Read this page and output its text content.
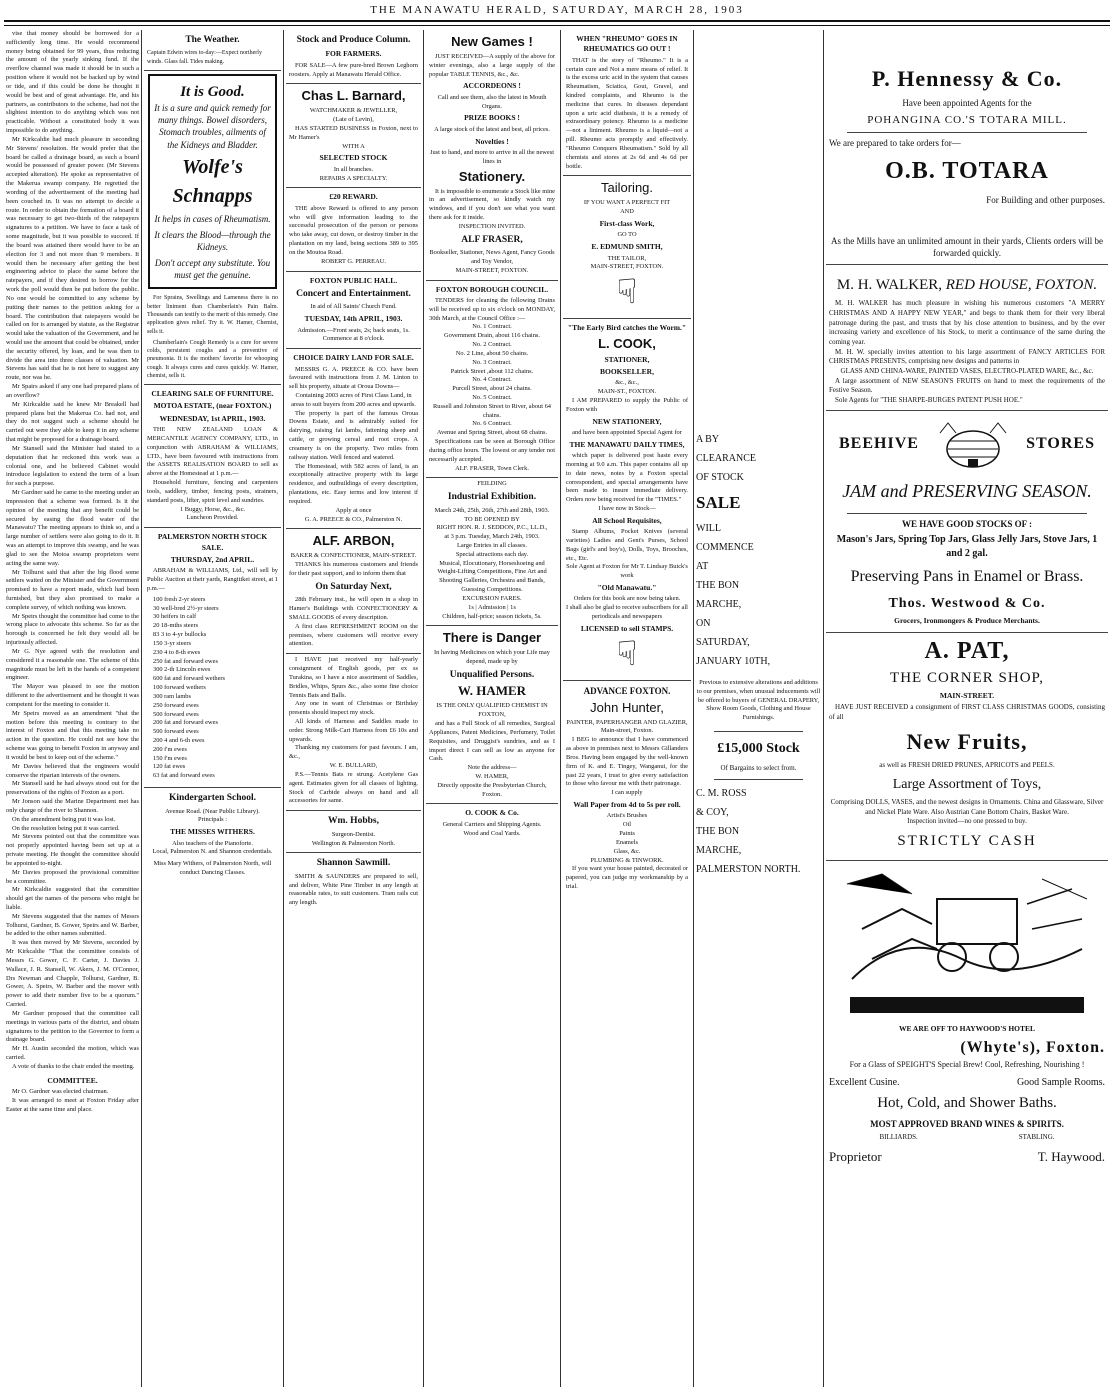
THE MANAWATU HERALD, SATURDAY, MARCH 28, 1903

vise that money should be borrowed for a sufficiently long time. He would recommend money being obtained for 99 years, thus reducing the amount of the yearly sinking fund. If the overflow channel was made it should be in such a position where it would not be backed up by wind or tide, and if this could be done he thought it would be best and of great advantage. He, and his partners, as contributors to the scheme, had not the slightest intention to do anything which was not practicable. Without a constituted body it was impossible to do anything.

Mr Kirkcaldie had much pleasure in seconding Mr Stevens' resolution. He would prefer that the board be called a drainage board, as such a board would be possessed of greater power. (Mr Stevens accepted alteration). He spoke as representative of the Makerua swamp company. He regretted the wording of the advertisement of the meeting had been couched in. It was no attempt to decide a route. In order to obtain the formation of a board it was necessary to get two-thirds of the ratepayers signatures to a petition. We have to face a task of some magnitude, but it was possible to succeed. If the board was attained there would have to be an election for 3 and not more than 9 members. It would then be necessary after getting the best engineering advice to place the same before the ratepayers, and if they desired to borrow for the work the poll would then be put before the public. No one would be committed to any scheme by putting their names to the petition asking for a board. The contribution that ratepayers would be called on for is arranged by statute, as the Registrar would take the valuation of the Government, and he would use the amount that could be obtained, under the security offered, by loan, and he was then to divide the area into three classes of valuation. Mr Stevens has said that he is not here to suggest any route, nor was he.

Mr Spairs asked if any one had prepared plans of an overflow?

Mr Kirkcaldie said he knew Mr Breakell had prepared plans but the Makerua Co. had not, and they do not suggest such a scheme should be carried out were they able to keep it in any scheme that might be proposed for a drainage board.

Mr Stansell said the Minister had stated to a deputation that he reckoned this work was a colonial one, and he believed Cabinet would introduce legislation to extend the term of a loan for such a purpose.

Mr Gardner said he came to the meeting under an impression that a scheme was formed. Is it the opinion of the meeting that any benefit could be secured by easing the flood water of the Manawatu? The meeting appears to think so, and a large number of settlers were also going to do it. It was an attempt to improve this swamp, and he was glad to see the Motoa swamp proprietors were acting the same way.

Mr Tolhurst said that after the big flood some settlers waited on the Minister and the Government promised to have a report made, which had been furnished, but they also promised to make a complete survey, of which nothing was known.

Mr Speirs thought the committee had come to the wrong place to advocate this scheme. So far as the borough is concerned he felt they would all be injuriously affected.

Mr G. Nye agreed with the resolution and considered it a reasonable one. The scheme of this magnitude must be left in the hands of a competent engineer.

The Mayor was pleased to see the motion different to the advertisement and he thought it was competent for the meeting to consider it.

Mr Speirs moved as an amendment "that the motion before this meeting is contrary to the interest of Foxton and that this meeting take no action in the question. He could not see how the scheme was going to benefit Foxton in anyway and it would be best to keep out of the scheme."

Mr Davies believed that the engineers would conserve the riparian interests of the owners.

Mr Stansell said he had always stood out for the preservations of the rights of Foxton as a port.

Mr Jonson said the Marine Department met has only charge of the river to Shannon.

On the amendment being put it was lost.

On the resolution being put it was carried.

Mr Stevens pointed out that the committee was not properly appointed having been set up at a private meeting. He thought the committee should be appointed to-night.

Mr Davies proposed the provisional committee be a committee.

Mr Kirkcaldie suggested that the committee should get the names of the persons who might be liable.

Mr Stevens suggested that the names of Messrs Tolhurst, Gardner, B. Gower, Speirs and W. Barber, be added to the other names submitted.

It was then moved by Mr Stevens, seconded by Mr Kirkcaldie "That the committee consists of Messrs G. Gower, C. F. Carter, J. Davies J. Wallace, J. R. Stansell, W. Akers, J. M. O'Connor, Drs Newman and Chapple, Tolhurst, Gardner, B. Gower, A. Speirs, W. Barber and the mover with power to add their number five to be a quorum." Carried.

Mr Gardner proposed that the committee call meetings in various parts of the district, and obtain signatures to the petition to the Governor to form a drainage board.

Mr H. Austin seconded the motion, which was carried.

A vote of thanks to the chair ended the meeting.

COMMITTEE.

Mr O. Gardner was elected chairman.

It was arranged to meet at Foxton Friday after Easter at the same time and place.

The Weather.
Captain Edwin wires to-day:—Expect northerly winds. Glass fall. Tides making.
It is Good.
It is a sure and quick remedy for many things. Bowel disorders, Stomach troubles, ailments of the Kidneys and Bladder.
Wolfe's
Schnapps
It helps in cases of Rheumatism.
It clears the Blood—through the Kidneys.
Don't accept any substitute. You must get the genuine.

For Sprains, Swellings and Lameness there is no better liniment than Chamberlain's Pain Balm. Thousands can testify to the merit of this remedy. One application gives relief. Try it. W. Hamer, Chemist, sells it.

Chamberlain's Cough Remedy is a cure for severe colds, persistent coughs and a preventive of pneumonia. It is the mothers' favorite for whooping cough. It always cures and cures quickly. W. Hamer, chemist, sells it.

CLEARING SALE OF FURNITURE.
MOTOA ESTATE, (near FOXTON.)
WEDNESDAY, 1st APRIL, 1903.

THE NEW ZEALAND LOAN & MERCANTILE AGENCY COMPANY, LTD., in conjunction with ABRAHAM & WILLIAMS, LTD., have been favoured with instructions from the ASSETS REALISATION BOARD to sell as above at the Homestead at 1 p.m.—

Household furniture, fencing and carpenters tools, saddlery, timber, fencing posts, strainers, standard posts, lifter, spirit level and sundries.

1 Buggy, Horse, &c., &c.
Luncheon Provided.
PALMERSTON NORTH STOCK SALE.
THURSDAY, 2nd APRIL.

ABRAHAM & WILLIAMS, Ltd., will sell by Public Auction at their yards, Rangitikei street, at 1 p.m.—

100 fresh 2-yr steers
30 well-bred 2½-yr steers
30 heifers in calf
20 18-mths steers
83 3 to 4-yr bullocks
150 3-yr steers
230 4 to 8-th ewes
250 fat and forward ewes
300 2-th Lincoln ewes
600 fat and forward wethers
100 forward wethers
300 ram lambs
250 forward ewes
500 forward ewes
200 fat and forward ewes
500 forward ewes
200 4 and 6-th ewes
200 f'm ewes
150 f'm ewes
120 fat ewes
63 fat and forward ewes
Kindergarten School.
Avenue Road. (Near Public Library).
Principals :
THE MISSES WITHERS.
Also teachers of the Pianoforte.
Local, Palmerston N. and Shannon credentials.
Miss Mary Withers, of Palmerston North, will conduct Dancing Classes.
Stock and Produce Column.
FOR FARMERS.

FOR SALE—A few pure-bred Brown Leghorn roosters. Apply at Manawatu Herald Office.

Chas L. Barnard,
WATCHMAKER & JEWELLER,
(Late of Levin),

HAS STARTED BUSINESS in Foxton, next to Mr Hamer's

WITH A
SELECTED STOCK
In all branches.
REPAIRS A SPECIALTY.
£20 REWARD.

THE above Reward is offered to any person who will give information leading to the successful prosecution of the person or persons who take away, cut down, or destroy timber in the plantation on my land, being sections 389 to 395 on the Moutoa Road.

ROBERT G. PERREAU.
FOXTON PUBLIC HALL.
Concert and Entertainment.
In aid of All Saints' Church Fund.
TUESDAY, 14th APRIL, 1903.
Admission.—Front seats, 2s; back seats, 1s.
Commence at 8 o'clock.
CHOICE DAIRY LAND FOR SALE.

MESSRS G. A. PREECE & CO. have been favoured with instructions from J. M. Linton to sell his property, situate at Oroua Downs—

Containing 2003 acres of First Class Land, in areas to suit buyers from 200 acres and upwards.

The property is part of the famous Oroua Downs Estate, and is admirably suited for dairying, raising fat lambs, fattening sheep and cattle, or growing cereal and root crops. A creamery is on the property. Two miles from railway station. Well fenced and watered.

The Homestead, with 582 acres of land, is an exceptionally attractive property with its large residence, and outbuildings of every description, plantations, etc. Easy terms and low interest if required.

Apply at once
G. A. PREECE & CO., Palmerston N.
ALF. ARBON,
BAKER & CONFECTIONER, MAIN-STREET.

THANKS his numerous customers and friends for their past support, and to inform them that

On Saturday Next,

28th February inst., he will open in a shop in Hamer's Buildings with CONFECTIONERY & SMALL GOODS of every description.

A first class REFRESHMENT ROOM on the premises, where customers will receive every attention.

I HAVE just received my half-yearly consignment of English goods, per ex ss Turakina, so I have a nice assortment of Saddles, Bridles, Whips, Spurs &c., also some fine choice Tennis Bats and Balls.

Any one in want of Christmas or Birthday presents should inspect my stock.

All kinds of Harness and Saddles made to order. Strong Milk-Cart Harness from £6 10s and upwards.

Thanking my customers for past favours. I am, &c.,

W. E. BULLARD,

P.S.—Tennis Bats re strung. Acetylene Gas agent. Estimates given for all classes of lighting. Stock of Carbide always on hand and all accessories for same.

Wm. Hobbs,
Surgeon-Dentist.
Wellington & Palmerston North.
Shannon Sawmill.

SMITH & SAUNDERS are prepared to sell, and deliver, White Pine Timber in any length at reasonable rates, to suit customers. Tram rails cut any length.

New Games !

JUST RECEIVED—A supply of the above for winter evenings, also a large supply of the popular TABLE TENNIS, &c., &c.

ACCORDEONS !
Call and see them, also the latest in Mouth Organs.
PRIZE BOOKS !
A large stock of the latest and best, all prices.
Novelties !
Just to hand, and more to arrive in all the newest lines in
Stationery.

It is impossible to enumerate a Stock like mine in an advertisement, so kindly watch my windows, and if you don't see what you want there ask for it inside.

INSPECTION INVITED.
ALF FRASER,
Bookseller, Stationer, News Agent, Fancy Goods and Toy Vendor,
MAIN-STREET, FOXTON.
FOXTON BOROUGH COUNCIL.

TENDERS for cleaning the following Drains will be received up to six o'clock on MONDAY, 30th March, at the Council Office :—

No. 1 Contract.
Government Drain, about 116 chains.
No. 2 Contract.
No. 2 Line, about 50 chains.
No. 3 Contract.
Patrick Street ,about 112 chains.
No. 4 Contract.
Purcell Street, about 24 chains.
No. 5 Contract.
Russell and Johnston Street to River, about 64 chains.
No. 6 Contract.
Avenue and Spring Street, about 68 chains.

Specifications can be seen at Borough Office during office hours. The lowest or any tender not necessarily accepted.

ALF. FRASER, Town Clerk.
FEILDING
Industrial Exhibition.
March 24th, 25th, 26th, 27th and 28th, 1903.
TO BE OPENED BY
RIGHT HON. R. J. SEDDON, P.C., LL.D.,
at 3 p.m. Tuesday, March 24th, 1903.
Large Entries in all classes.
Special attractions each day.
Musical, Elocutionary, Horseshoeing and Weight-Lifting Competitions, Fine Art and Shooting Galleries, Orchestra and Bands, Guessing Competitions.
EXCURSION FARES.
1s | Admission | 1s
Children, half-price; season tickets, 5s.
There is Danger
In having Medicines on which your Life may depend, made up by
Unqualified Persons.
W. HAMER
IS THE ONLY QUALIFIED CHEMIST IN FOXTON,

and has a Full Stock of all remedies, Surgical Appliances, Patent Medicines, Perfumery, Toilet Requisites, and Druggist's sundries, and as I import direct I can sell as low as anyone for Cash.

Note the address—
W. HAMER,
Directly opposite the Presbyterian Church, Foxton.
O. COOK & Co.
General Carriers and Shipping Agents.
Wood and Coal Yards.
WHEN "RHEUMO" GOES IN RHEUMATICS GO OUT !

THAT is the story of "Rheumo." It is a certain cure and Not a mere means of relief. It is the excess uric acid in the system that causes Rheumatism, Sciatica, Gout, Gravel, and kindred complaints, and Rheumo is the medicine that cures. In diseases dependant upon a uric acid diathesis, it is a remedy of extraordinary potency. Rheumo is a medicine—not a liniment. Rheumo is a liquid—not a pill. Rheumo acts promptly and effectively. "Rheumo Conquers Rheumatism." Sold by all chemists and stores at 2s 6d and 4s 6d per bottle.

Tailoring.
IF YOU WANT A PERFECT FIT
AND
First-class Work,
GO TO
E. EDMUND SMITH,
THE TAILOR,
MAIN-STREET, FOXTON.
☟
"The Early Bird catches the Worm."
L. COOK,
STATIONER,
BOOKSELLER,
&c., &c.,
MAIN-ST., FOXTON.

I AM PREPARED to supply the Public of Foxton with

NEW STATIONERY,
and have been appointed Special Agent for
THE MANAWATU DAILY TIMES,

which paper is delivered post haste every morning at 9.0 a.m. This paper contains all up to date news, notes by a Foxton special correspondent, and special arrangements have been made to insure immediate delivery. Orders now being received for the "TIMES."

I have now in Stock—
All School Requisites,

Stamp Albums, Pocket Knives (several varieties) Ladies and Gent's Purses, School Bags (girl's and boy's), Dolls, Toys, Brooches, etc., Etc.

Sole Agent at Foxton for Mr T. Lindsay Buick's work
"Old Manawatu."
Orders for this book are now being taken.
I shall also be glad to receive subscribers for all periodicals and newspapers
LICENSED to sell STAMPS.
☟
ADVANCE FOXTON.
John Hunter,
PAINTER, PAPERHANGER AND GLAZIER,
Main-street, Foxton.

I BEG to announce that I have commenced as above in premises next to Messrs Gillanders Bros. Having been engaged by the well-known firm of K. and E. Tingey, Wanganui, for the past 22 years, I trust to give every satisfaction to those who favour me with their patronage.

I can supply
Wall Paper from 4d to 5s per roll.
Artist's Brushes
Oil
Paints
Enamels
Glass, &c.
PLUMBING & TINWORK.

If you want your house painted, decorated or papered, you can judge my workmanship by a trial.

A BY
CLEARANCE
OF STOCK
SALE
WILL
COMMENCE
AT
THE BON
MARCHE,
ON
SATURDAY,
JANUARY 10TH,

Previous to extensive alterations and additions to our premises, when unusual inducements will be offered to buyers of GENERAL DRAPERY, Show Room Goods, Clothing and House Furnishings.

£15,000 Stock
Of Bargains to select from.
C. M. ROSS
& COY,
THE BON
MARCHE,
PALMERSTON NORTH.
P. Hennessy & Co.
Have been appointed Agents for the
POHANGINA CO.'S TOTARA MILL.
We are prepared to take orders for—
O.B. TOTARA
For Building and other purposes.
As the Mills have an unlimited amount in their yards, Clients orders will be forwarded quickly.
M. H. WALKER, RED HOUSE, FOXTON.

M. H. WALKER has much pleasure in wishing his numerous customers "A MERRY CHRISTMAS AND A HAPPY NEW YEAR," and begs to thank them for their very liberal patronage during the past, and trusts that by his close attention to business, and by the ever increasing variety and excellence of his Stock, to merit a continuance of the same during the coming year.

M. H. W. specially invites attention to his large assortment of FANCY ARTICLES FOR CHRISTMAS PRESENTS, comprising new designs and patterns in

GLASS AND CHINA-WARE, PAINTED VASES, ELECTRO-PLATED WARE, &c., &c.

A large assortment of NEW SEASON'S FRUITS on hand to meet the requirements of the Festive Season.

Sole Agents for "THE SHARPE-BURGES PATENT PUSH HOE."

BEEHIVE	STORES
JAM and PRESERVING SEASON.
WE HAVE GOOD STOCKS OF :
Mason's Jars, Spring Top Jars, Glass Jelly Jars, Stove Jars, 1 and 2 gal.
Preserving Pans in Enamel or Brass.
Thos. Westwood & Co.
Grocers, Ironmongers & Produce Merchants.
A. PAT,
THE CORNER SHOP,
MAIN-STREET.

HAVE JUST RECEIVED a consignment of FIRST CLASS CHRISTMAS GOODS, consisting of all

New Fruits,
as well as FRESH DRIED PRUNES, APRICOTS and PEELS.
Large Assortment of Toys,

Comprising DOLLS, VASES, and the newest designs in Ornaments. China and Glassware, Silver and Nickel Plate Ware. Also Austrian Cane Bottom Chairs, Basket Ware.

Inspection invited—no one pressed to buy.
STRICTLY CASH
WE ARE OFF TO HAYWOOD'S HOTEL
(Whyte's), Foxton.
For a Glass of SPEIGHT'S Special Brew! Cool, Refreshing, Nourishing !
Excellent Cusine.	Good Sample Rooms.
Hot, Cold, and Shower Baths.
MOST APPROVED BRAND WINES & SPIRITS.
BILLIARDS.	STABLING.
Proprietor	T. Haywood.
